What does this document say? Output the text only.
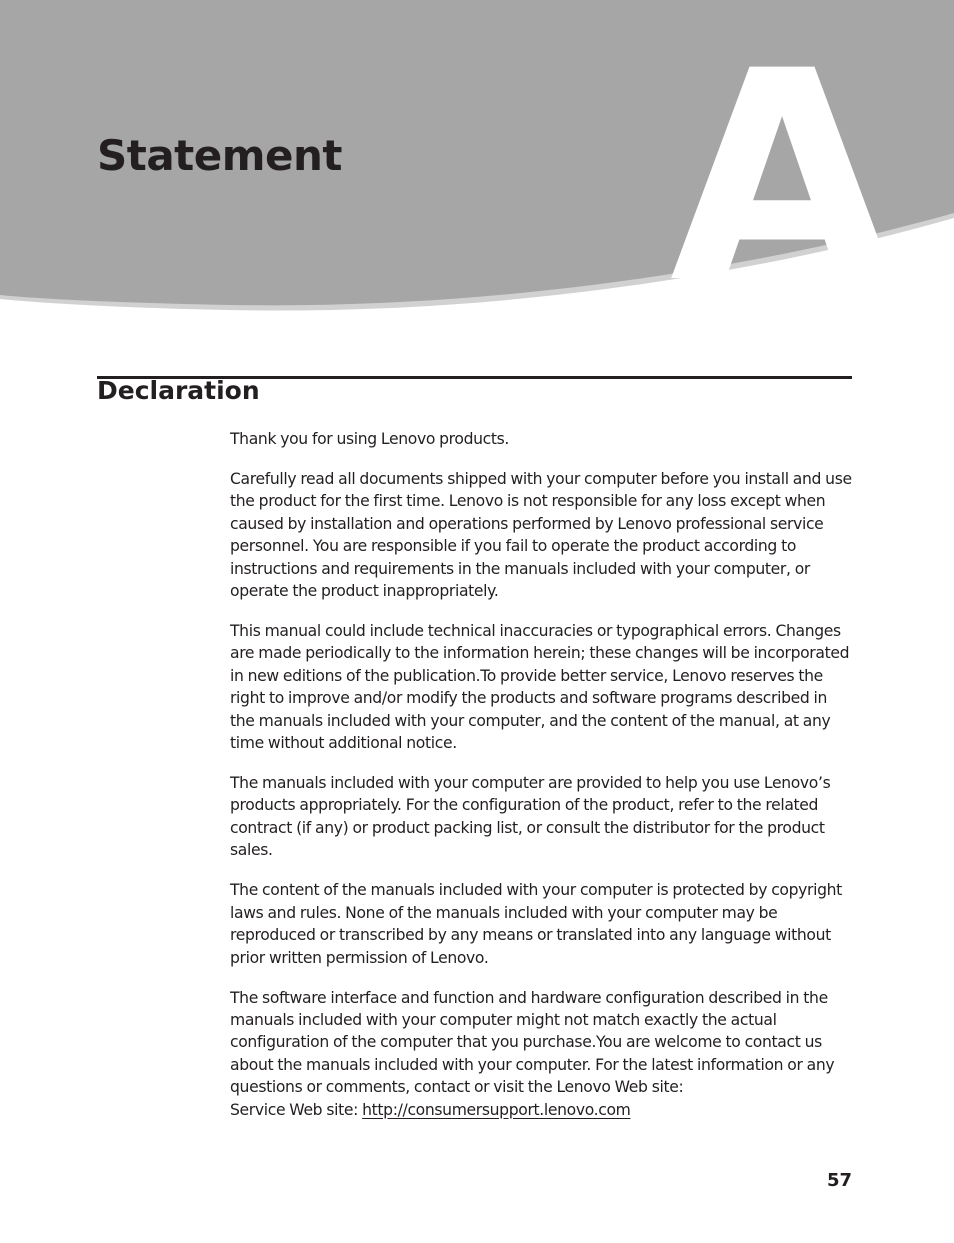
A
Statement
Declaration

Thank you for using Lenovo products.

Carefully read all documents shipped with your computer before you install and use the product for the first time. Lenovo is not responsible for any loss except when caused by installation and operations performed by Lenovo professional service personnel. You are responsible if you fail to operate the product according to instructions and requirements in the manuals included with your computer, or operate the product inappropriately.

This manual could include technical inaccuracies or typographical errors. Changes are made periodically to the information herein; these changes will be incorporated in new editions of the publication.To provide better service, Lenovo reserves the right to improve and/or modify the products and software programs described in the manuals included with your computer, and the content of the manual, at any time without additional notice.

The manuals included with your computer are provided to help you use Lenovo’s products appropriately. For the configuration of the product, refer to the related contract (if any) or product packing list, or consult the distributor for the product sales.

The content of the manuals included with your computer is protected by copyright laws and rules. None of the manuals included with your computer may be reproduced or transcribed by any means or translated into any language without prior written permission of Lenovo.

The software interface and function and hardware configuration described in the manuals included with your computer might not match exactly the actual configuration of the computer that you purchase.You are welcome to contact us about the manuals included with your computer. For the latest information or any questions or comments, contact or visit the Lenovo Web site:
Service Web site: http://consumersupport.lenovo.com

57
